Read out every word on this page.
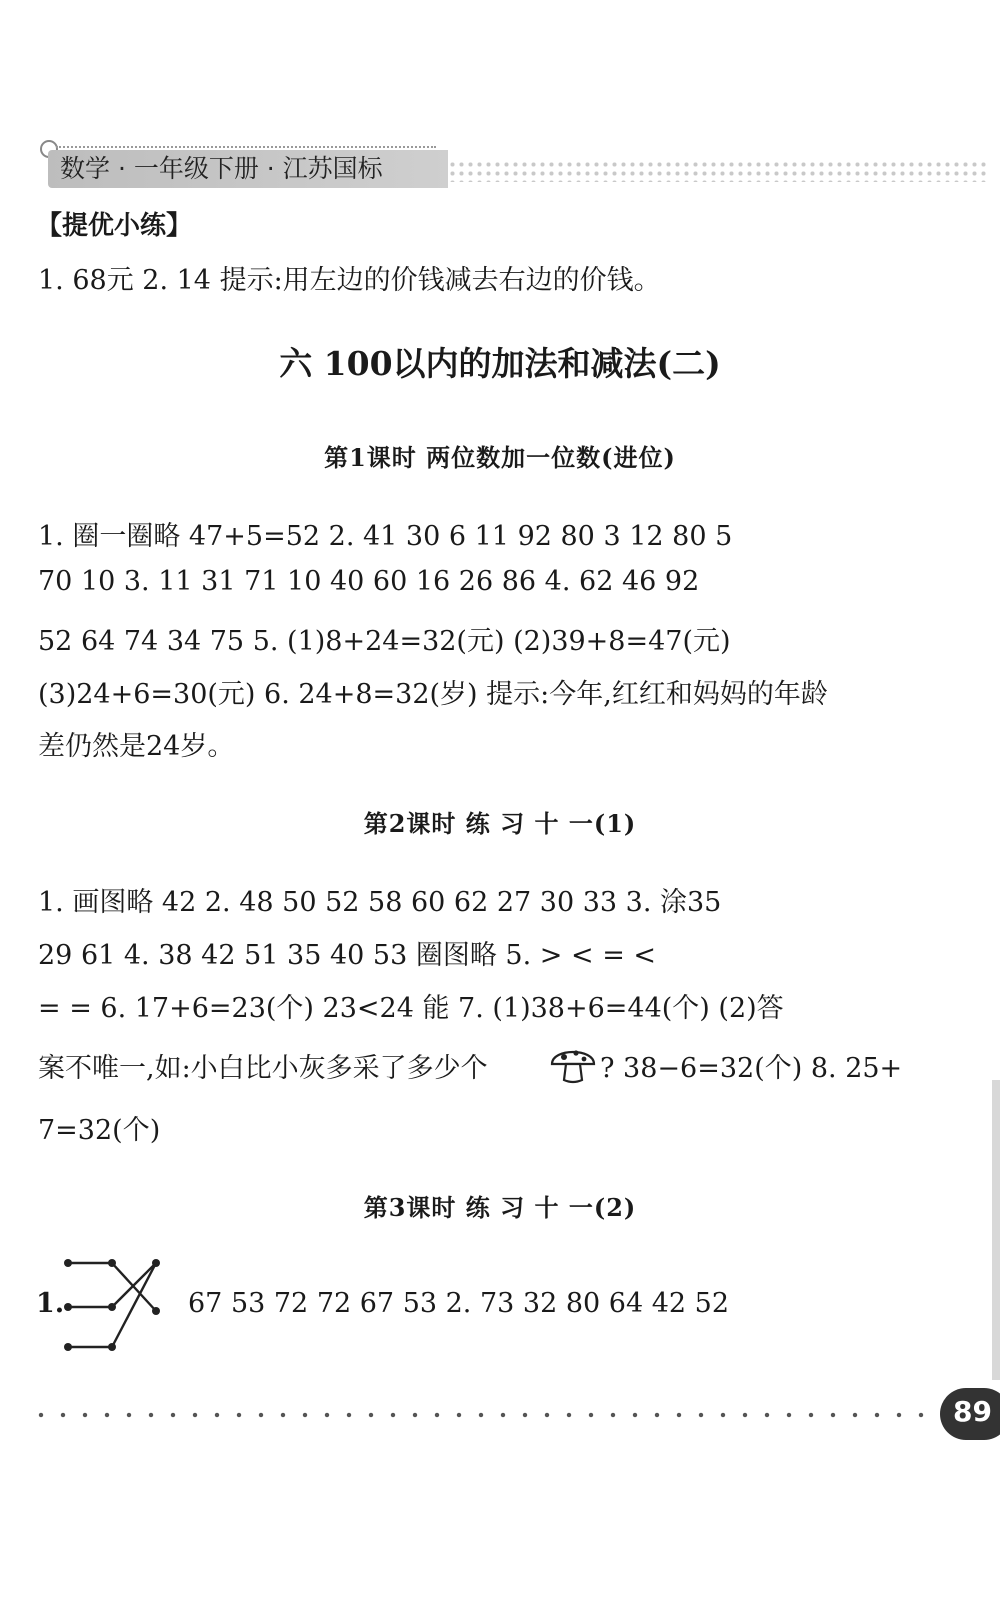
数学 · 一年级下册 · 江苏国标
【提优小练】
1. 68元 2. 14 提示:用左边的价钱减去右边的价钱。
六 100以内的加法和减法(二)
第1课时 两位数加一位数(进位)
1. 圈一圈略 47+5=52 2. 41 30 6 11 92 80 3 12 80 5
70 10 3. 11 31 71 10 40 60 16 26 86 4. 62 46 92
52 64 74 34 75 5. (1)8+24=32(元) (2)39+8=47(元)
(3)24+6=30(元) 6. 24+8=32(岁) 提示:今年,红红和妈妈的年龄
差仍然是24岁。
第2课时 练 习 十 一(1)
1. 画图略 42 2. 48 50 52 58 60 62 27 30 33 3. 涂35
29 61 4. 38 42 51 35 40 53 圈图略 5. > < = <
= = 6. 17+6=23(个) 23<24 能 7. (1)38+6=44(个) (2)答
案不唯一,如:小白比小灰多采了多少个	? 38−6=32(个) 8. 25+
7=32(个)
第3课时 练 习 十 一(2)
1.	67 53 72 72 67 53 2. 73 32 80 64 42 52
89
